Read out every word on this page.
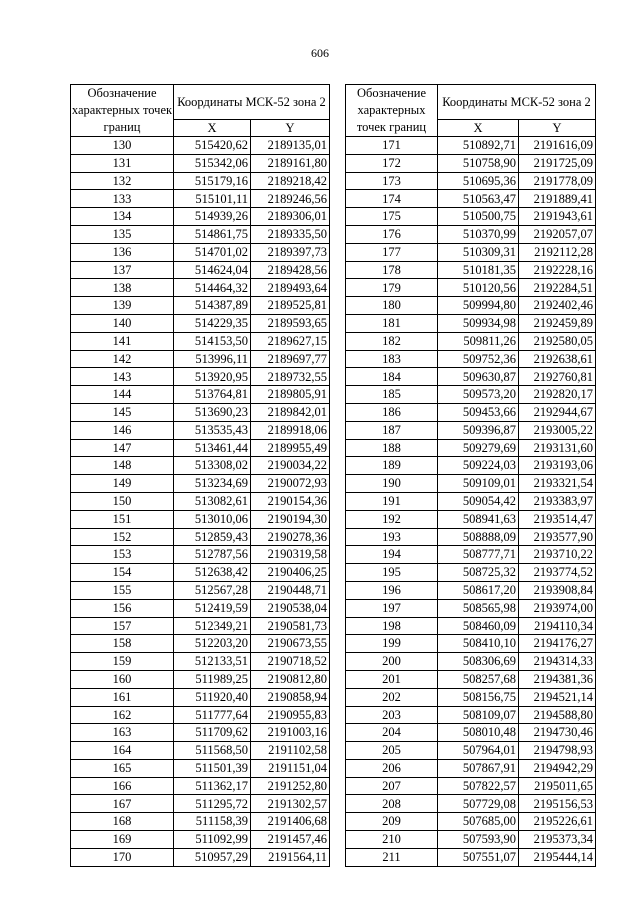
606
Обозначение характерных точек границ	Координаты МСК-52 зона 2	
	X	Y
130	515420,62	2189135,01
131	515342,06	2189161,80
132	515179,16	2189218,42
133	515101,11	2189246,56
134	514939,26	2189306,01
135	514861,75	2189335,50
136	514701,02	2189397,73
137	514624,04	2189428,56
138	514464,32	2189493,64
139	514387,89	2189525,81
140	514229,35	2189593,65
141	514153,50	2189627,15
142	513996,11	2189697,77
143	513920,95	2189732,55
144	513764,81	2189805,91
145	513690,23	2189842,01
146	513535,43	2189918,06
147	513461,44	2189955,49
148	513308,02	2190034,22
149	513234,69	2190072,93
150	513082,61	2190154,36
151	513010,06	2190194,30
152	512859,43	2190278,36
153	512787,56	2190319,58
154	512638,42	2190406,25
155	512567,28	2190448,71
156	512419,59	2190538,04
157	512349,21	2190581,73
158	512203,20	2190673,55
159	512133,51	2190718,52
160	511989,25	2190812,80
161	511920,40	2190858,94
162	511777,64	2190955,83
163	511709,62	2191003,16
164	511568,50	2191102,58
165	511501,39	2191151,04
166	511362,17	2191252,80
167	511295,72	2191302,57
168	511158,39	2191406,68
169	511092,99	2191457,46
170	510957,29	2191564,11
Обозначение характерных точек границ	Координаты МСК-52 зона 2	
	X	Y
171	510892,71	2191616,09
172	510758,90	2191725,09
173	510695,36	2191778,09
174	510563,47	2191889,41
175	510500,75	2191943,61
176	510370,99	2192057,07
177	510309,31	2192112,28
178	510181,35	2192228,16
179	510120,56	2192284,51
180	509994,80	2192402,46
181	509934,98	2192459,89
182	509811,26	2192580,05
183	509752,36	2192638,61
184	509630,87	2192760,81
185	509573,20	2192820,17
186	509453,66	2192944,67
187	509396,87	2193005,22
188	509279,69	2193131,60
189	509224,03	2193193,06
190	509109,01	2193321,54
191	509054,42	2193383,97
192	508941,63	2193514,47
193	508888,09	2193577,90
194	508777,71	2193710,22
195	508725,32	2193774,52
196	508617,20	2193908,84
197	508565,98	2193974,00
198	508460,09	2194110,34
199	508410,10	2194176,27
200	508306,69	2194314,33
201	508257,68	2194381,36
202	508156,75	2194521,14
203	508109,07	2194588,80
204	508010,48	2194730,46
205	507964,01	2194798,93
206	507867,91	2194942,29
207	507822,57	2195011,65
208	507729,08	2195156,53
209	507685,00	2195226,61
210	507593,90	2195373,34
211	507551,07	2195444,14
